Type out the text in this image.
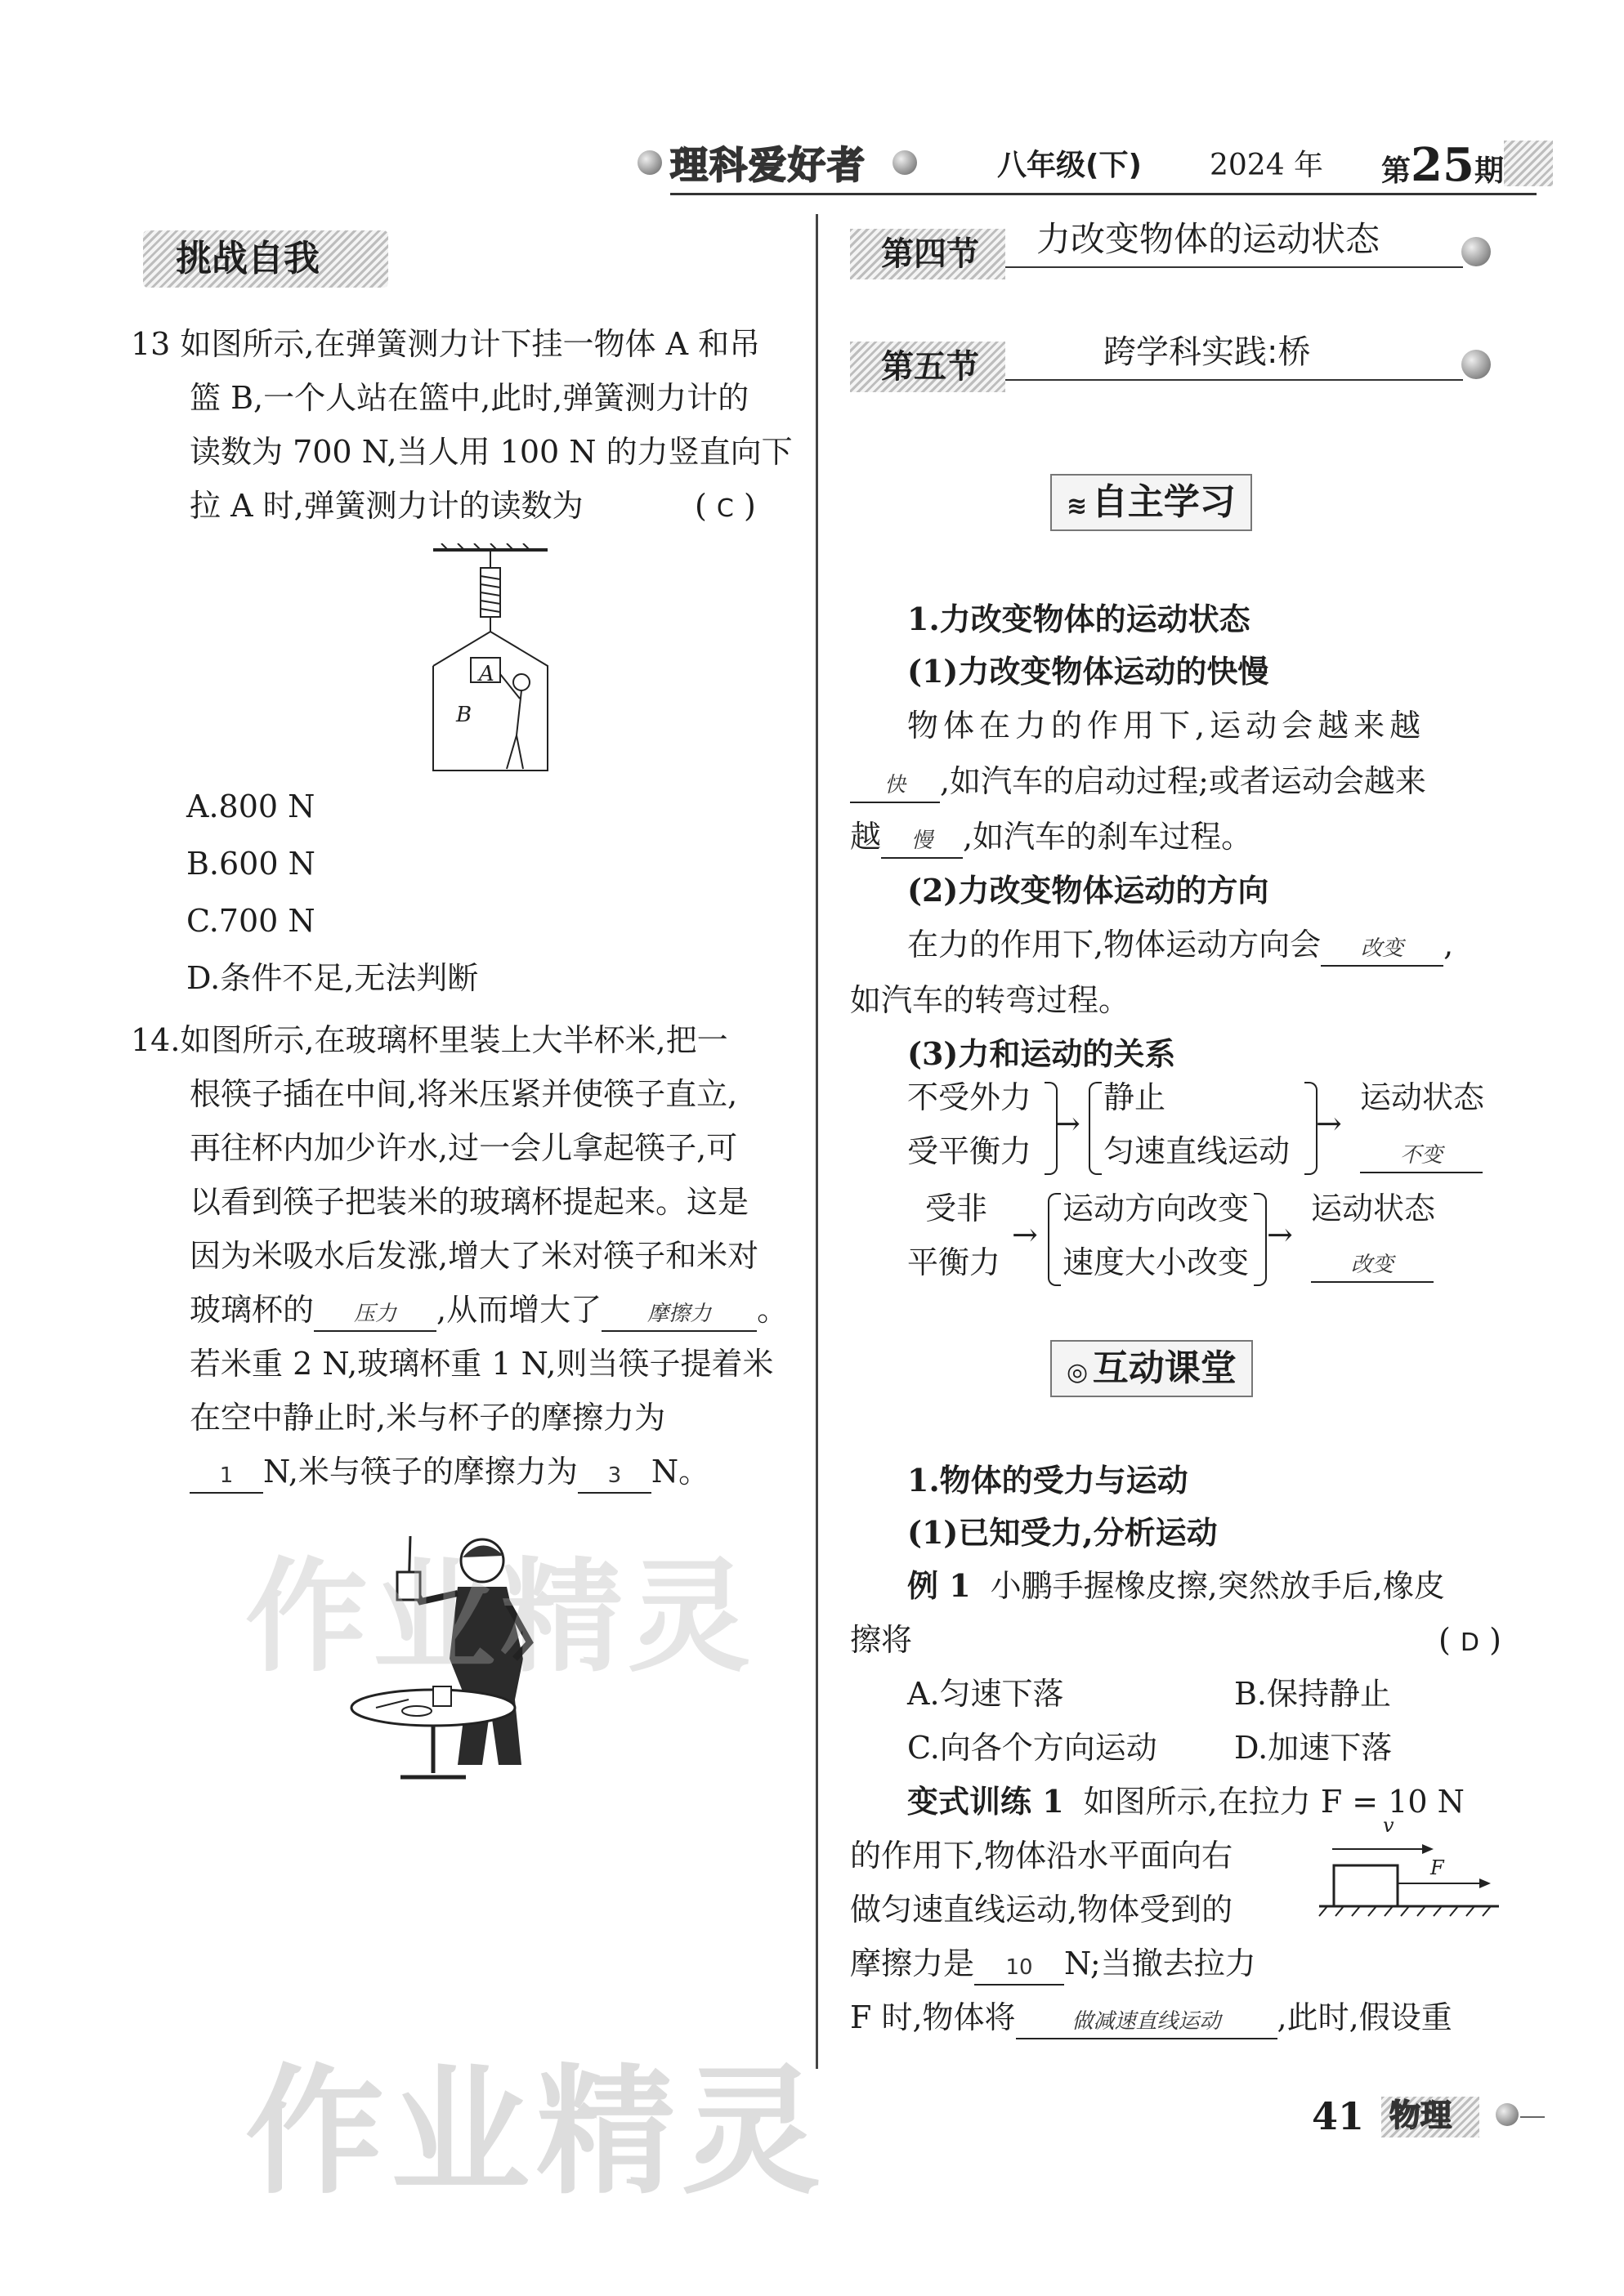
理科爱好者	八年级(下) 2024 年 第25期
挑战自我
13 如图所示,在弹簧测力计下挂一物体 A 和吊
篮 B,一个人站在篮中,此时,弹簧测力计的
读数为 700 N,当人用 100 N 的力竖直向下
拉 A 时,弹簧测力计的读数为	( C )
A
B
A.800 N
B.600 N
C.700 N
D.条件不足,无法判断
14.如图所示,在玻璃杯里装上大半杯米,把一
根筷子插在中间,将米压紧并使筷子直立,
再往杯内加少许水,过一会儿拿起筷子,可
以看到筷子把装米的玻璃杯提起来。这是
因为米吸水后发涨,增大了米对筷子和米对
玻璃杯的 压力 ,从而增大了 摩擦力 。
若米重 2 N,玻璃杯重 1 N,则当筷子提着米
在空中静止时,米与杯子的摩擦力为
1 N,米与筷子的摩擦力为 3 N。
第四节 力改变物体的运动状态
第五节	跨学科实践:桥
≋ 自主学习
1.力改变物体的运动状态
(1)力改变物体运动的快慢
物体在力的作用下,运动会越来越
快 ,如汽车的启动过程;或者运动会越来
越 慢 ,如汽车的刹车过程。
(2)力改变物体运动的方向
在力的作用下,物体运动方向会 改变 ,
如汽车的转弯过程。
(3)力和运动的关系
不受外力
受平衡力
→
静止
匀速直线运动
→
运动状态
不变
受非
平衡力
→
运动方向改变
速度大小改变
→
运动状态
改变
◎ 互动课堂
1.物体的受力与运动
(1)已知受力,分析运动
例 1 小鹏手握橡皮擦,突然放手后,橡皮
擦将	( D )
A.匀速下落	B.保持静止
C.向各个方向运动 D.加速下落
变式训练 1 如图所示,在拉力 F = 10 N
的作用下,物体沿水平面向右
做匀速直线运动,物体受到的
摩擦力是 10 N;当撤去拉力
F 时,物体将	做减速直线运动 ,此时,假设重
v
F
41 物理
作业精灵
作业精灵
